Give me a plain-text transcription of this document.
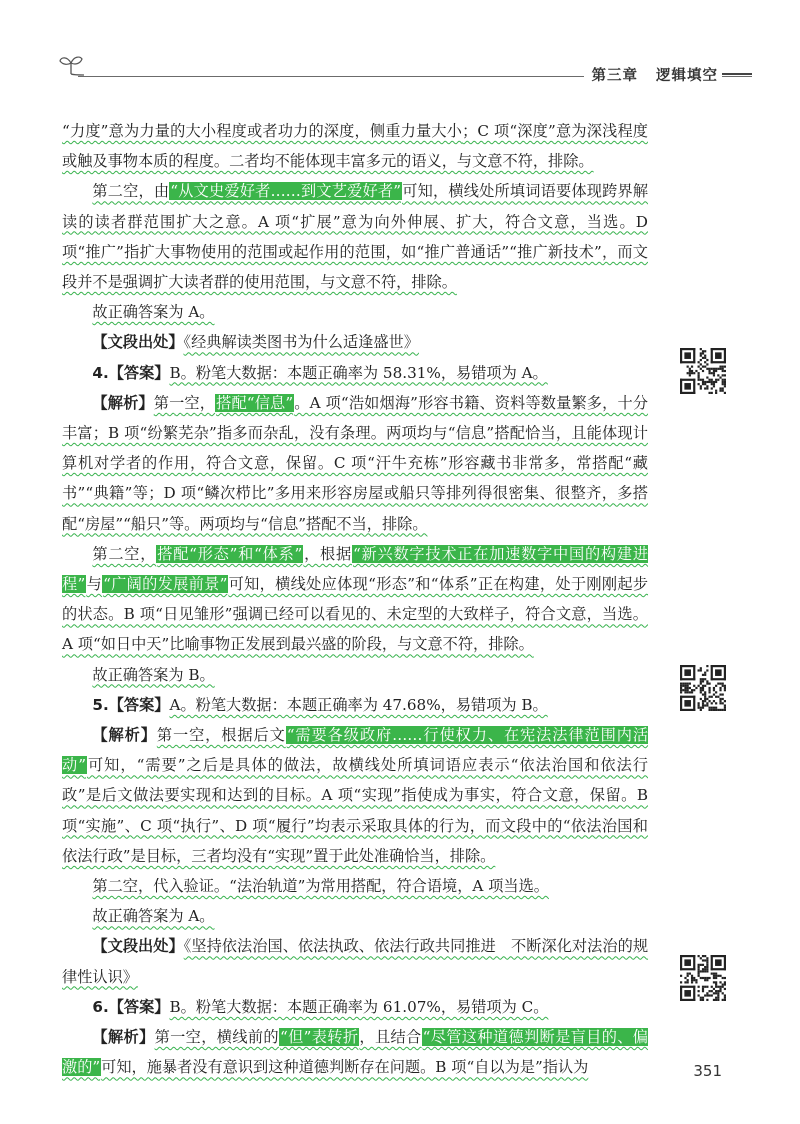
第三章 逻辑填空

“力度”意为力量的大小程度或者功力的深度，侧重力量大小；C 项“深度”意为深浅程度或触及事物本质的程度。二者均不能体现丰富多元的语义，与文意不符，排除。

第二空，由“从文史爱好者……到文艺爱好者”可知，横线处所填词语要体现跨界解读的读者群范围扩大之意。A 项“扩展”意为向外伸展、扩大，符合文意，当选。D 项“推广”指扩大事物使用的范围或起作用的范围，如“推广普通话”“推广新技术”，而文段并不是强调扩大读者群的使用范围，与文意不符，排除。

故正确答案为 A。

【文段出处】《经典解读类图书为什么适逢盛世》

4.【答案】B。粉笔大数据：本题正确率为 58.31%，易错项为 A。

【解析】第一空，搭配“信息”。A 项“浩如烟海”形容书籍、资料等数量繁多，十分丰富；B 项“纷繁芜杂”指多而杂乱，没有条理。两项均与“信息”搭配恰当，且能体现计算机对学者的作用，符合文意，保留。C 项“汗牛充栋”形容藏书非常多，常搭配“藏书”“典籍”等；D 项“鳞次栉比”多用来形容房屋或船只等排列得很密集、很整齐，多搭配“房屋”“船只”等。两项均与“信息”搭配不当，排除。

第二空，搭配“形态”和“体系”，根据“新兴数字技术正在加速数字中国的构建进程”与“广阔的发展前景”可知，横线处应体现“形态”和“体系”正在构建，处于刚刚起步的状态。B 项“日见雏形”强调已经可以看见的、未定型的大致样子，符合文意，当选。A 项“如日中天”比喻事物正发展到最兴盛的阶段，与文意不符，排除。

故正确答案为 B。

5.【答案】A。粉笔大数据：本题正确率为 47.68%，易错项为 B。

【解析】第一空，根据后文“需要各级政府……行使权力、在宪法法律范围内活动”可知，“需要”之后是具体的做法，故横线处所填词语应表示“依法治国和依法行政”是后文做法要实现和达到的目标。A 项“实现”指使成为事实，符合文意，保留。B 项“实施”、C 项“执行”、D 项“履行”均表示采取具体的行为，而文段中的“依法治国和依法行政”是目标，三者均没有“实现”置于此处准确恰当，排除。

第二空，代入验证。“法治轨道”为常用搭配，符合语境，A 项当选。

故正确答案为 A。

【文段出处】《坚持依法治国、依法执政、依法行政共同推进　不断深化对法治的规律性认识》

6.【答案】B。粉笔大数据：本题正确率为 61.07%，易错项为 C。

【解析】第一空，横线前的“但”表转折，且结合“尽管这种道德判断是盲目的、偏激的”可知，施暴者没有意识到这种道德判断存在问题。B 项“自以为是”指认为	351
